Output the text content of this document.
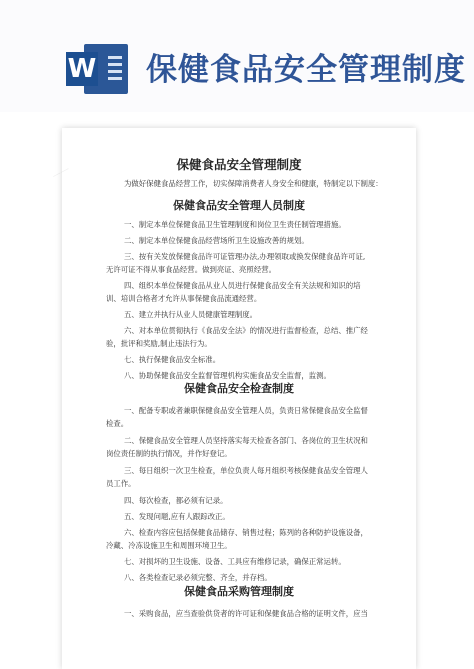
W 保健食品安全管理制度
——	保健食品安全管理制度
为做好保健食品经营工作，切实保障消费者人身安全和健康，特制定以下制度：
保健食品安全管理人员制度
一、制定本单位保健食品卫生管理制度和岗位卫生责任制管理措施。
二、制定本单位保健食品经营场所卫生设施改善的规划。
三、按有关发放保健食品许可证管理办法,办理领取或换发保健食品许可证,
无许可证不得从事食品经营。做到亮证、亮照经营。
四、组织本单位保健食品从业人员进行保健食品安全有关法规和知识的培
训、培训合格者才允许从事保健食品流通经营。
五、建立并执行从业人员健康管理制度。
六、对本单位贯彻执行《食品安全法》的情况进行监督检查，总结、推广经
验，批评和奖励,制止违法行为。
七、执行保健食品安全标准。
八、协助保健食品安全监督管理机构实施食品安全监督，监测。
保健食品安全检查制度
一、配备专职或者兼职保健食品安全管理人员，负责日常保健食品安全监督
检查。
二、保健食品安全管理人员坚持落实每天检查各部门、各岗位的卫生状况和
岗位责任制的执行情况，并作好登记。
三、每日组织一次卫生检查，单位负责人每月组织考核保健食品安全管理人
员工作。
四、每次检查，都必须有记录。
五、发现问题,应有人跟踪改正。
六、检查内容应包括保健食品储存、销售过程；陈列的各种防护设施设备，
冷藏、冷冻设施卫生和周围环境卫生。
七、对损坏的卫生设施、设备、工具应有维修记录，确保正常运转。
八、各类检查记录必须完整、齐全，并存档。
保健食品采购管理制度
一、采购食品，应当查验供货者的许可证和保健食品合格的证明文件，应当
